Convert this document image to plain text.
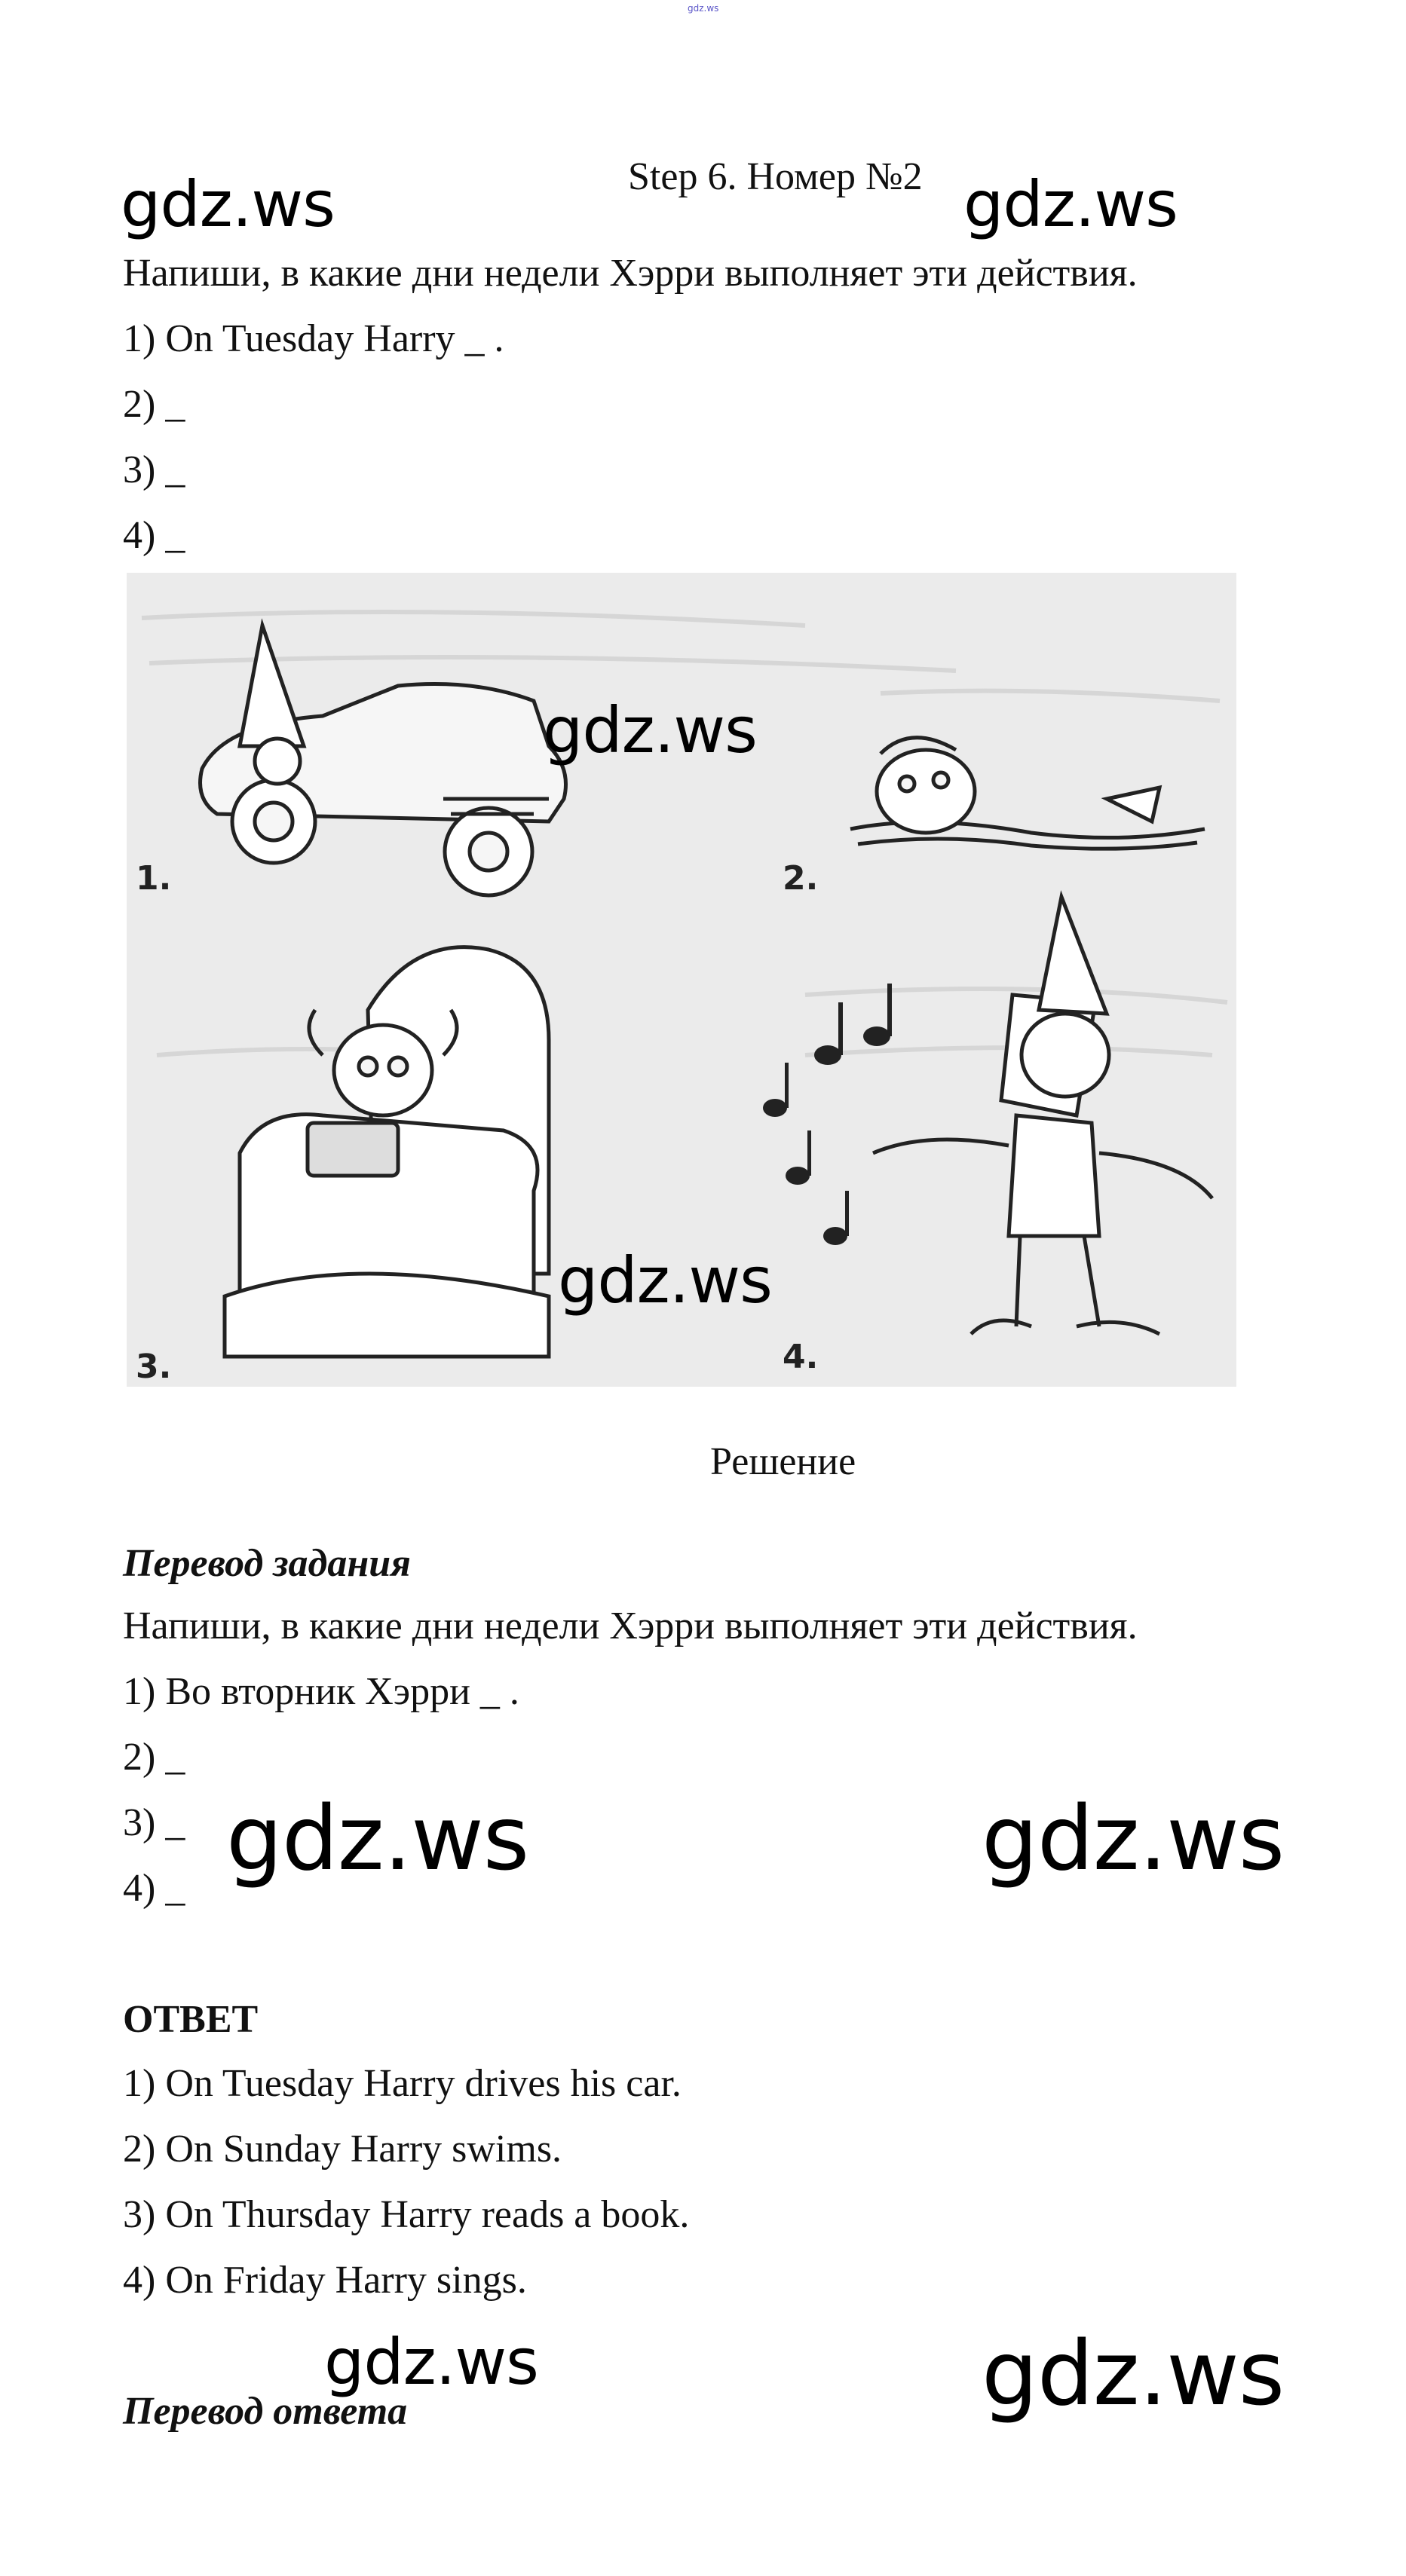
gdz.ws
Step 6. Номер №2
gdz.ws	gdz.ws
Напиши, в какие дни недели Хэрри выполняет эти действия.
1) On Tuesday Harry _ .
2) _
3) _
4) _
1.	2.
3.	4.
gdz.ws
gdz.ws
Решение
Перевод задания
Напиши, в какие дни недели Хэрри выполняет эти действия.
1) Во вторник Хэрри _ .
2) _
3) _
4) _ gdz.ws	gdz.ws
ОТВЕТ
1) On Tuesday Harry drives his car.
2) On Sunday Harry swims.
3) On Thursday Harry reads a book.
4) On Friday Harry sings.
gdz.ws	gdz.ws
Перевод ответа
